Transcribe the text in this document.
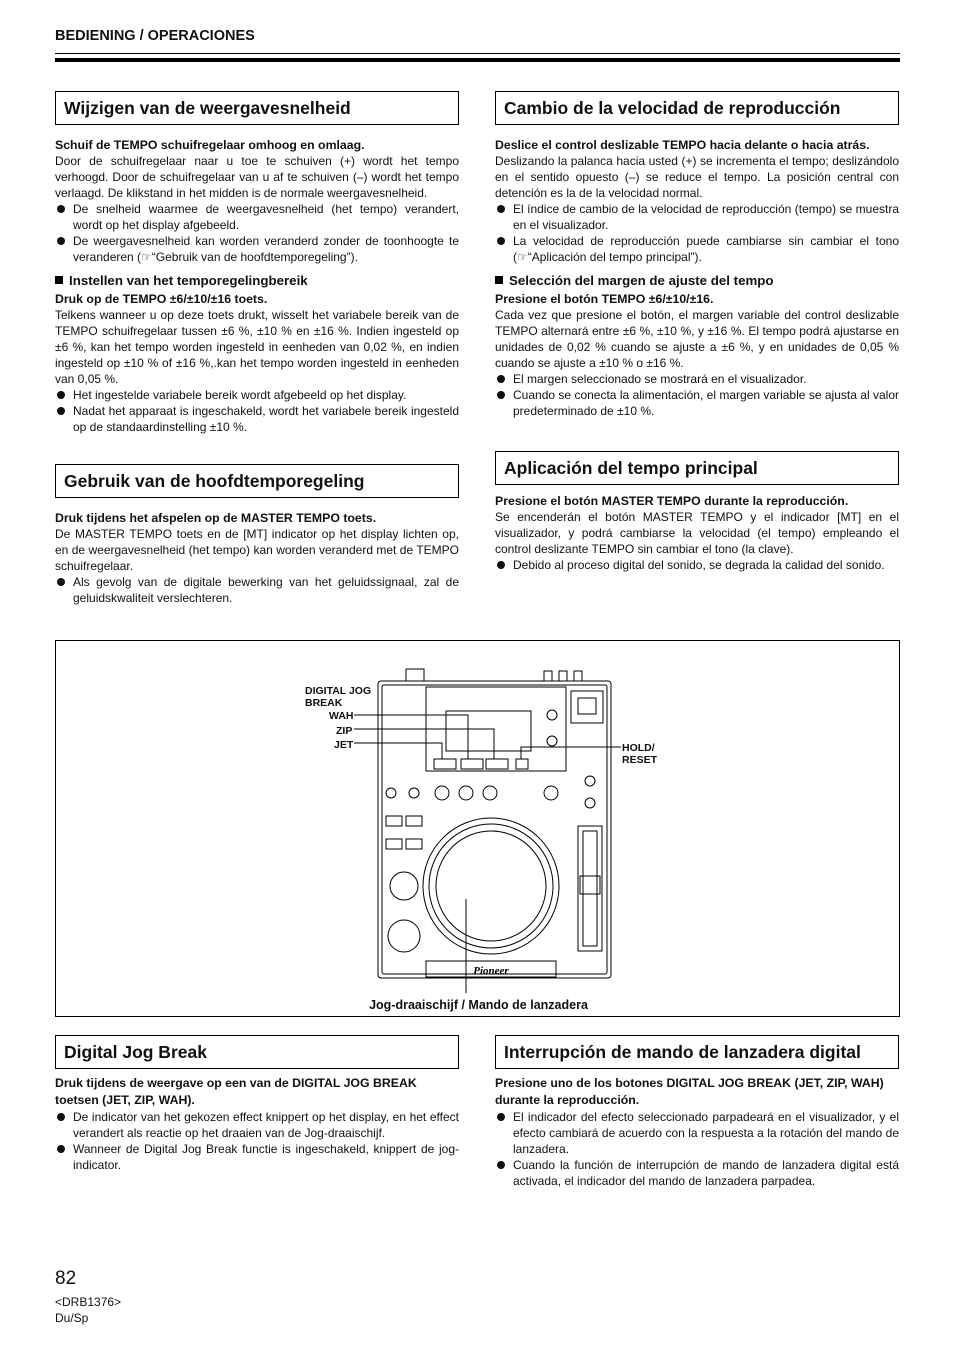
BEDIENING / OPERACIONES
Wijzigen van de weergavesnelheid
Schuif de TEMPO schuifregelaar omhoog en omlaag.

Door de schuifregelaar naar u toe te schuiven (+) wordt het tempo verhoogd. Door de schuifregelaar van u af te schuiven (–) wordt het tempo verlaagd. De klikstand in het midden is de normale weergavesnelheid.

De snelheid waarmee de weergavesnelheid (het tempo) verandert, wordt op het display afgebeeld.
De weergavesnelheid kan worden veranderd zonder de toonhoogte te veranderen (☞“Gebruik van de hoofdtemporegeling”).
Instellen van het temporegelingbereik
Druk op de TEMPO ±6/±10/±16 toets.

Telkens wanneer u op deze toets drukt, wisselt het variabele bereik van de TEMPO schuifregelaar tussen ±6 %, ±10 % en ±16 %. Indien ingesteld op ±6 %, kan het tempo worden ingesteld in eenheden van 0,02 %, en indien ingesteld op ±10 % of ±16 %,.kan het tempo worden ingesteld in eenheden van 0,05 %.

Het ingestelde variabele bereik wordt afgebeeld op het display.
Nadat het apparaat is ingeschakeld, wordt het variabele bereik ingesteld op de standaardinstelling ±10 %.
Gebruik van de hoofdtemporegeling
Druk tijdens het afspelen op de MASTER TEMPO toets.

De MASTER TEMPO toets en de [MT] indicator op het display lichten op, en de weergavesnelheid (het tempo) kan worden veranderd met de TEMPO schuifregelaar.

Als gevolg van de digitale bewerking van het geluidssignaal, zal de geluidskwaliteit verslechteren.
Cambio de la velocidad de reproducción
Deslice el control deslizable TEMPO hacia delante o hacia atrás.

Deslizando la palanca hacia usted (+) se incrementa el tempo; deslizándolo en el sentido opuesto (–) se reduce el tempo. La posición central con detención es la de la velocidad normal.

El índice de cambio de la velocidad de reproducción (tempo) se muestra en el visualizador.
La velocidad de reproducción puede cambiarse sin cambiar el tono (☞“Aplicación del tempo principal”).
Selección del margen de ajuste del tempo
Presione el botón TEMPO ±6/±10/±16.

Cada vez que presione el botón, el margen variable del control deslizable TEMPO alternará entre ±6 %, ±10 %, y ±16 %. El tempo podrá ajustarse en unidades de 0,02 % cuando se ajuste a ±6 %, y en unidades de 0,05 % cuando se ajuste a ±10 % o ±16 %.

El margen seleccionado se mostrará en el visualizador.
Cuando se conecta la alimentación, el margen variable se ajusta al valor predeterminado de ±10 %.
Aplicación del tempo principal
Presione el botón MASTER TEMPO durante la reproducción.

Se encenderán el botón MASTER TEMPO y el indicador [MT] en el visualizador, y podrá cambiarse la velocidad (el tempo) empleando el control deslizante TEMPO sin cambiar el tono (la clave).

Debido al proceso digital del sonido, se degrada la calidad del sonido.
Pioneer
DIGITAL JOG BREAK
WAH
ZIP
JET	HOLD/ RESET
Jog-draaischijf / Mando de lanzadera
Digital Jog Break
Druk tijdens de weergave op een van de DIGITAL JOG BREAK toetsen (JET, ZIP, WAH).
De indicator van het gekozen effect knippert op het display, en het effect verandert als reactie op het draaien van de Jog-draaischijf.
Wanneer de Digital Jog Break functie is ingeschakeld, knippert de jog-indicator.
Interrupción de mando de lanzadera digital
Presione uno de los botones DIGITAL JOG BREAK (JET, ZIP, WAH) durante la reproducción.
El indicador del efecto seleccionado parpadeará en el visualizador, y el efecto cambiará de acuerdo con la respuesta a la rotación del mando de lanzadera.
Cuando la función de interrupción de mando de lanzadera digital está activada, el indicador del mando de lanzadera parpadea.
82
<DRB1376>
Du/Sp
